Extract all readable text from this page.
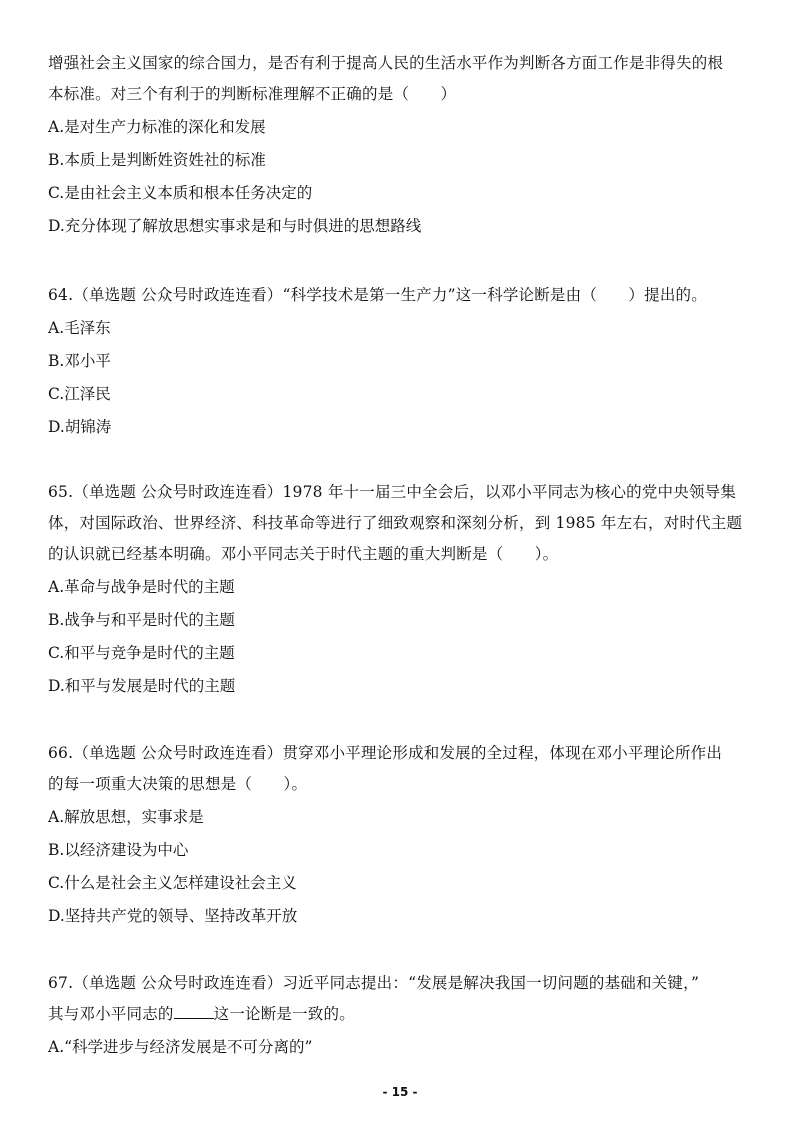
增强社会主义国家的综合国力，是否有利于提高人民的生活水平作为判断各方面工作是非得失的根
本标准。对三个有利于的判断标准理解不正确的是（　　）

A.是对生产力标准的深化和发展
B.本质上是判断姓资姓社的标准
C.是由社会主义本质和根本任务决定的
D.充分体现了解放思想实事求是和与时俱进的思想路线

64.（单选题 公众号时政连连看）“科学技术是第一生产力”这一科学论断是由（　　）提出的。

A.毛泽东
B.邓小平
C.江泽民
D.胡锦涛

65.（单选题 公众号时政连连看）1978 年十一届三中全会后，以邓小平同志为核心的党中央领导集
体，对国际政治、世界经济、科技革命等进行了细致观察和深刻分析，到 1985 年左右，对时代主题
的认识就已经基本明确。邓小平同志关于时代主题的重大判断是（　　）。

A.革命与战争是时代的主题
B.战争与和平是时代的主题
C.和平与竞争是时代的主题
D.和平与发展是时代的主题

66.（单选题 公众号时政连连看）贯穿邓小平理论形成和发展的全过程，体现在邓小平理论所作出
的每一项重大决策的思想是（　　）。

A.解放思想，实事求是
B.以经济建设为中心
C.什么是社会主义怎样建设社会主义
D.坚持共产党的领导、坚持改革开放

67.（单选题 公众号时政连连看）习近平同志提出：“发展是解决我国一切问题的基础和关键，”
其与邓小平同志的	这一论断是一致的。

A.“科学进步与经济发展是不可分离的”
- 15 -
